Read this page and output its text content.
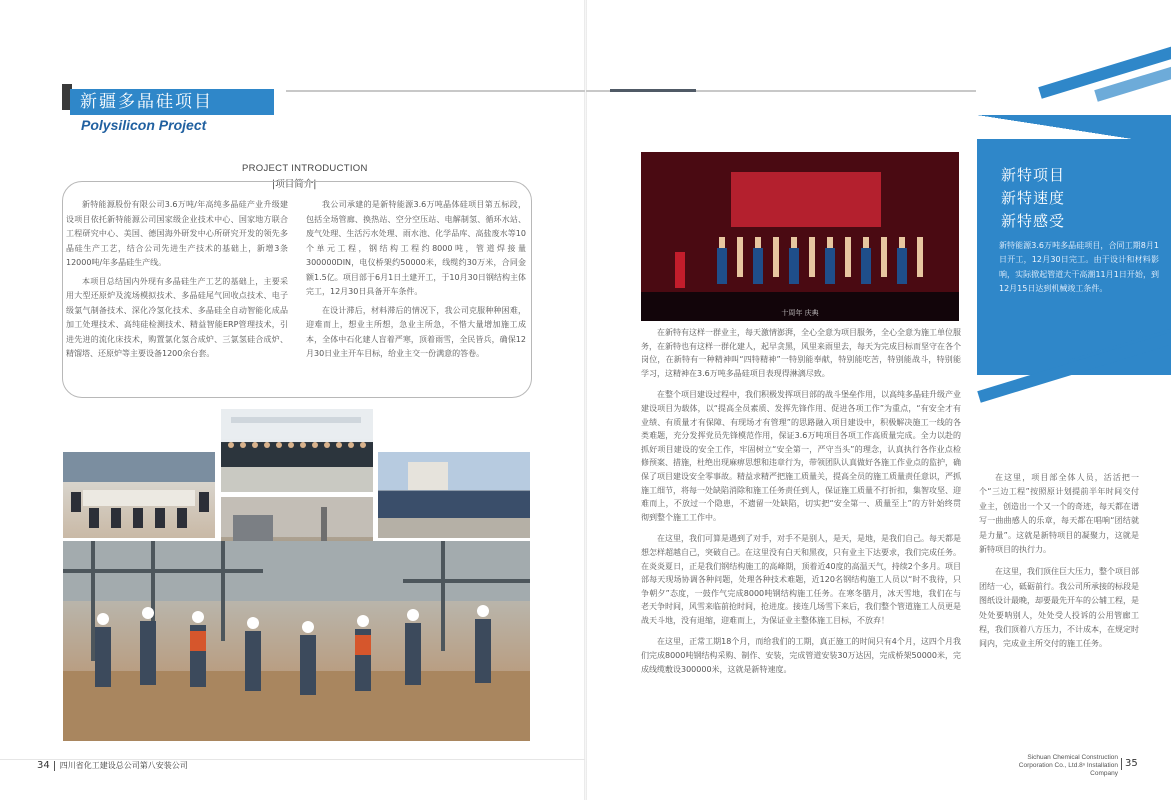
新疆多晶硅项目
Polysilicon Project
PROJECT INTRODUCTION
|项目简介|

新特能源股份有限公司3.6万吨/年高纯多晶硅产业升级建设项目依托新特能源公司国家级企业技术中心、国家地方联合工程研究中心、美国、德国海外研发中心所研究开发的领先多晶硅生产工艺，结合公司先进生产技术的基础上，新增3条12000吨/年多晶硅生产线。

本项目总结国内外现有多晶硅生产工艺的基础上，主要采用大型还原炉及流场模拟技术、多晶硅尾气回收点技术、电子级氯气制备技术、深化冷氢化技术、多晶硅全自动智能化成品加工处理技术、高纯硅检测技术、精益智能ERP管理技术，引进先进的流化床技术，购置氯化氢合成炉、三氯氢硅合成炉、精馏塔、还原炉等主要设备1200余台套。

我公司承建的是新特能源3.6万吨晶体硅项目第五标段，包括全场管廊、换热站、空分空压站、电解制氢、循环水站、废气处理、生活污水处理、雨水池、化学品库、高盐废水等10个单元工程，钢结构工程约8000吨，管道焊接量300000DIN，电仪桥架约50000米，线缆约30万米，合同金额1.5亿。项目部于6月1日土建开工，于10月30日钢结构主体完工，12月30日具备开车条件。

在设计滞后，材料滞后的情况下，我公司克服种种困难，迎难而上，想业主所想，急业主所急，不惜大量增加施工成本，全体中石化建人盲着严寒，顶着雨雪，全民皆兵，确保12月30日业主开车目标，给业主交一份满意的答卷。

34 四川省化工建设总公司第八安装公司
十周年 庆典

在新特有这样一群业主，每天激情澎湃，全心全意为项目服务，全心全意为施工单位服务，在新特也有这样一群化建人，起早贪黑，风里来雨里去，每天为完成目标而坚守在各个岗位，在新特有一种精神叫“四特精神”一特别能奉献，特别能吃苦，特别能战斗，特别能学习，这精神在3.6万吨多晶硅项目表现得淋漓尽致。

在整个项目建设过程中，我们积极发挥项目部的战斗堡垒作用，以高纯多晶硅升级产业建设项目为载体，以“提高全员素质、发挥先锋作用、促进各项工作”为重点，“有安全才有业绩、有质量才有保障、有现场才有管理”的思路融入项目建设中，积极解决施工一线的各类难题，充分发挥党员先锋模范作用，保证3.6万吨项目各项工作高质量完成。全力以赴的抓好项目建设的安全工作，牢固树立“安全第一，严守当头”的理念，认真执行各作业点检修预案、措施，杜绝出现麻痹思想和违章行为，带领团队认真做好各施工作业点的监护，确保了项目建设安全零事故。精益求精严把施工质量关，提高全员的施工质量责任意识，严抓施工细节，将每一处缺陷消除和施工任务责任到人，保证施工质量不打折扣，集智攻坚、迎难而上，不放过一个隐患，不遗留一处缺陷，切实把“安全第一、质量至上”的方针始终贯彻到整个施工工作中。

在这里，我们可算是遇到了对手，对手不是别人，是天，是地，是我们自己。每天都是想怎样超越自己，突破自己。在这里没有白天和黑夜，只有业主下达要求，我们完成任务。在炎炎夏日，正是我们钢结构施工的高峰期，顶着近40度的高温天气，持续2个多月。项目部每天现场协调各种问题，处理各种技术难题，近120名钢结构施工人员以“时不我待，只争朝夕”态度，一鼓作气完成8000吨钢结构施工任务。在寒冬腊月，冰天雪地，我们在与老天争时间，风雪来临前抢时间，抢进度。接连几场雪下来后，我们整个管道施工人员更是战天斗地，没有退缩，迎难而上，为保证业主整体施工目标，不放弃！

在这里，正常工期18个月，而给我们的工期，真正施工的时间只有4个月，这四个月我们完成8000吨钢结构采购、制作、安装，完成管道安装30万达因，完成桥架50000米，完成线缆敷设300000米，这就是新特速度。

新特项目
新特速度
新特感受
新特能源3.6万吨多晶硅项目，合同工期8月1日开工，12月30日完工。由于设计和材料影响，实际掀起管道大干高潮11月1日开始，到12月15日达到机械竣工条件。

在这里，项目部全体人员，活活把一个“三边工程”按照原计划提前半年时间交付业主，创造出一个又一个的奇迹，每天都在谱写一曲曲感人的乐章，每天都在唱响“团结就是力量”。这就是新特项目的凝聚力，这就是新特项目的执行力。

在这里，我们顶住巨大压力，整个项目部团结一心，砥砺前行。我公司所承接的标段是图纸设计最晚，却要最先开车的公辅工程，是处处要呐别人，处处受人投诉的公用管廊工程，我们顶着八方压力，不计成本，在规定时间内，完成业主所交付的施工任务。

Sichuan Chemical Construction
Corporation Co., Ltd.8ⁿ Installation Company
35
